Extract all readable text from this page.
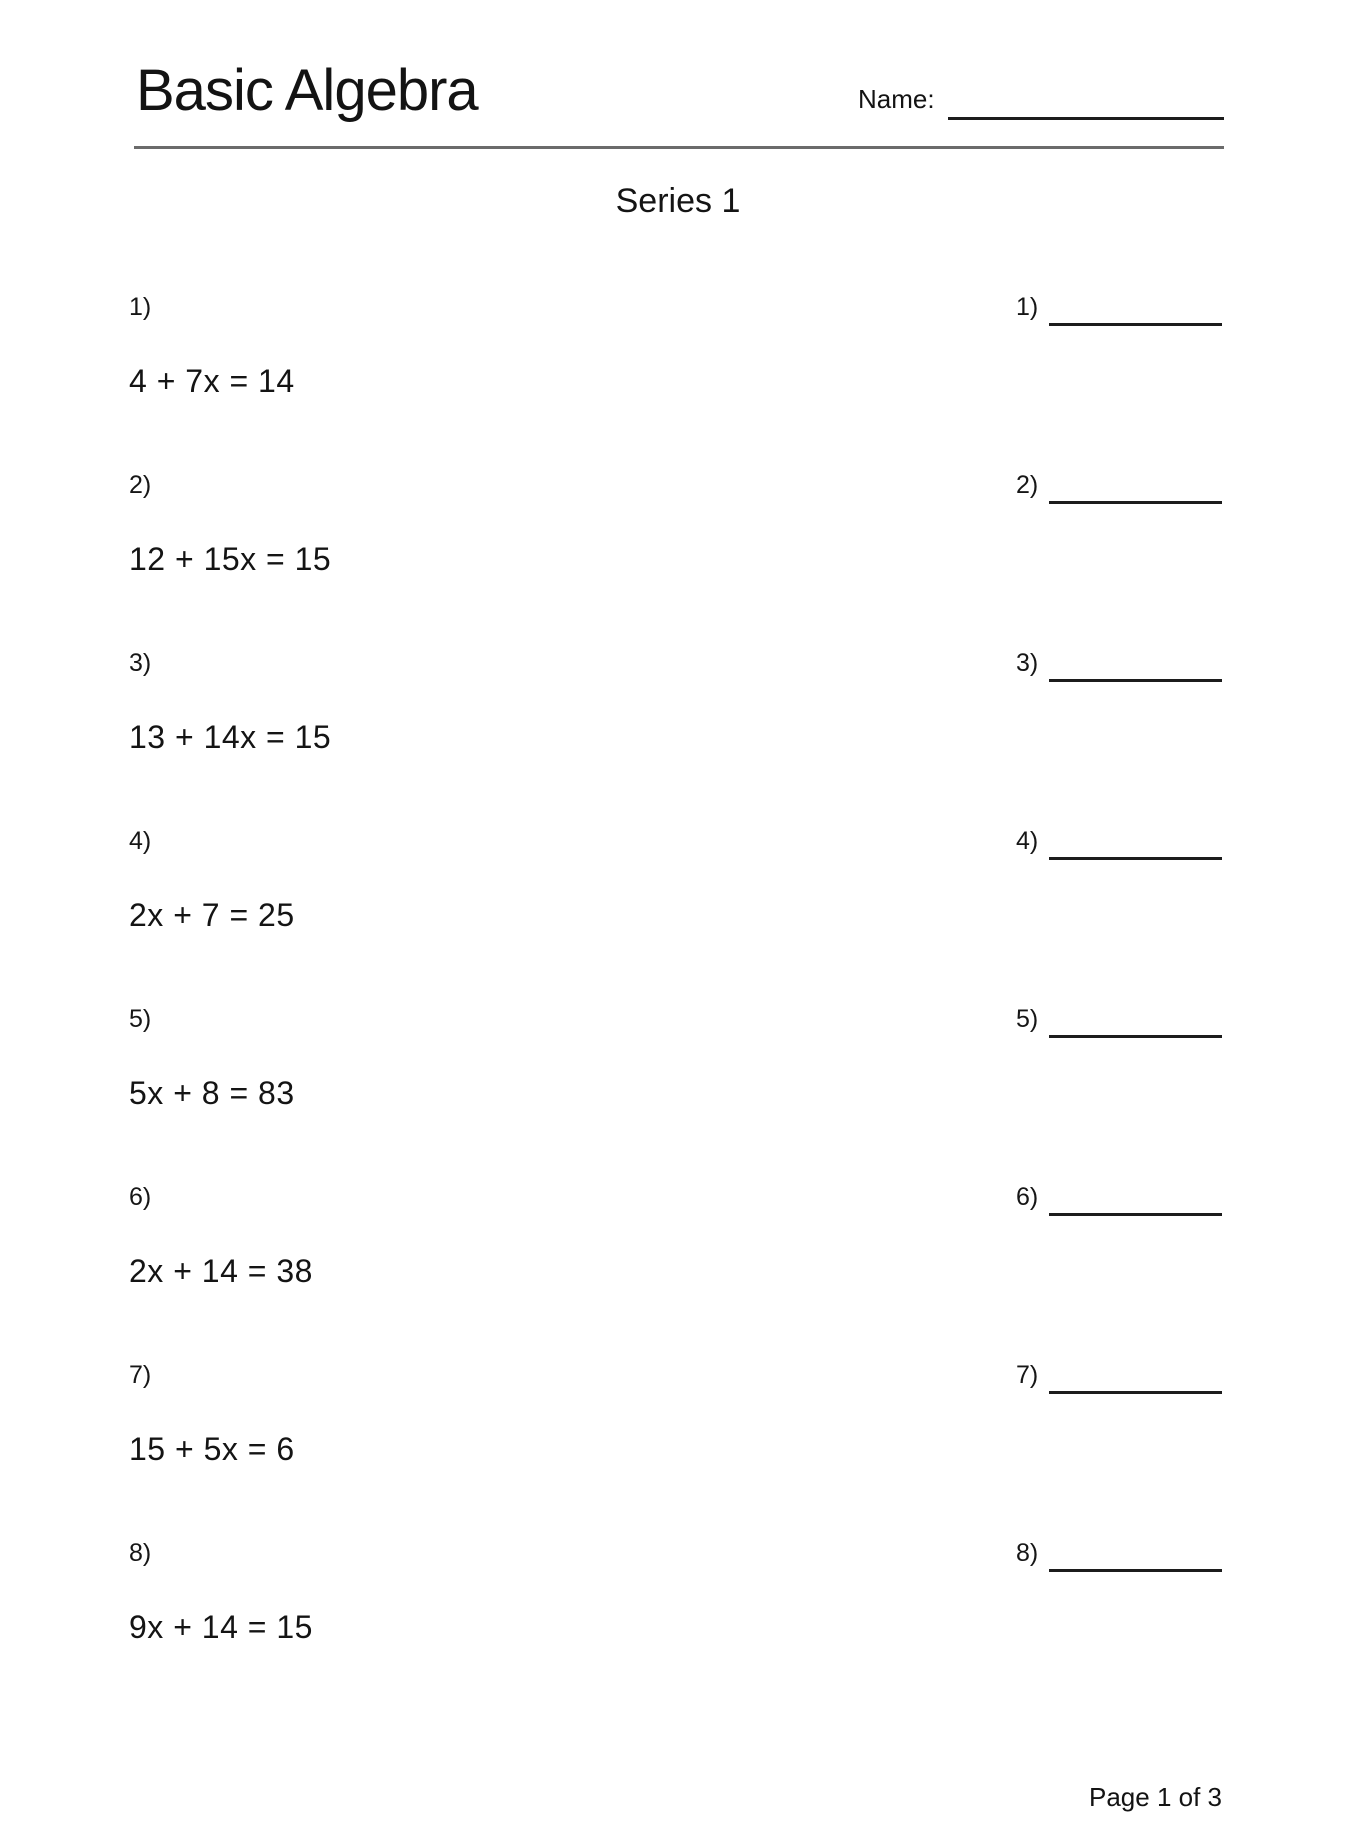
Basic Algebra	Name:
Series 1
1)
4 + 7x = 14
2)
12 + 15x = 15
3)
13 + 14x = 15
4)
2x + 7 = 25
5)
5x + 8 = 83
6)
2x + 14 = 38
7)
15 + 5x = 6
8)
9x + 14 = 15
1)
2)
3)
4)
5)
6)
7)
8)
Page 1 of 3
